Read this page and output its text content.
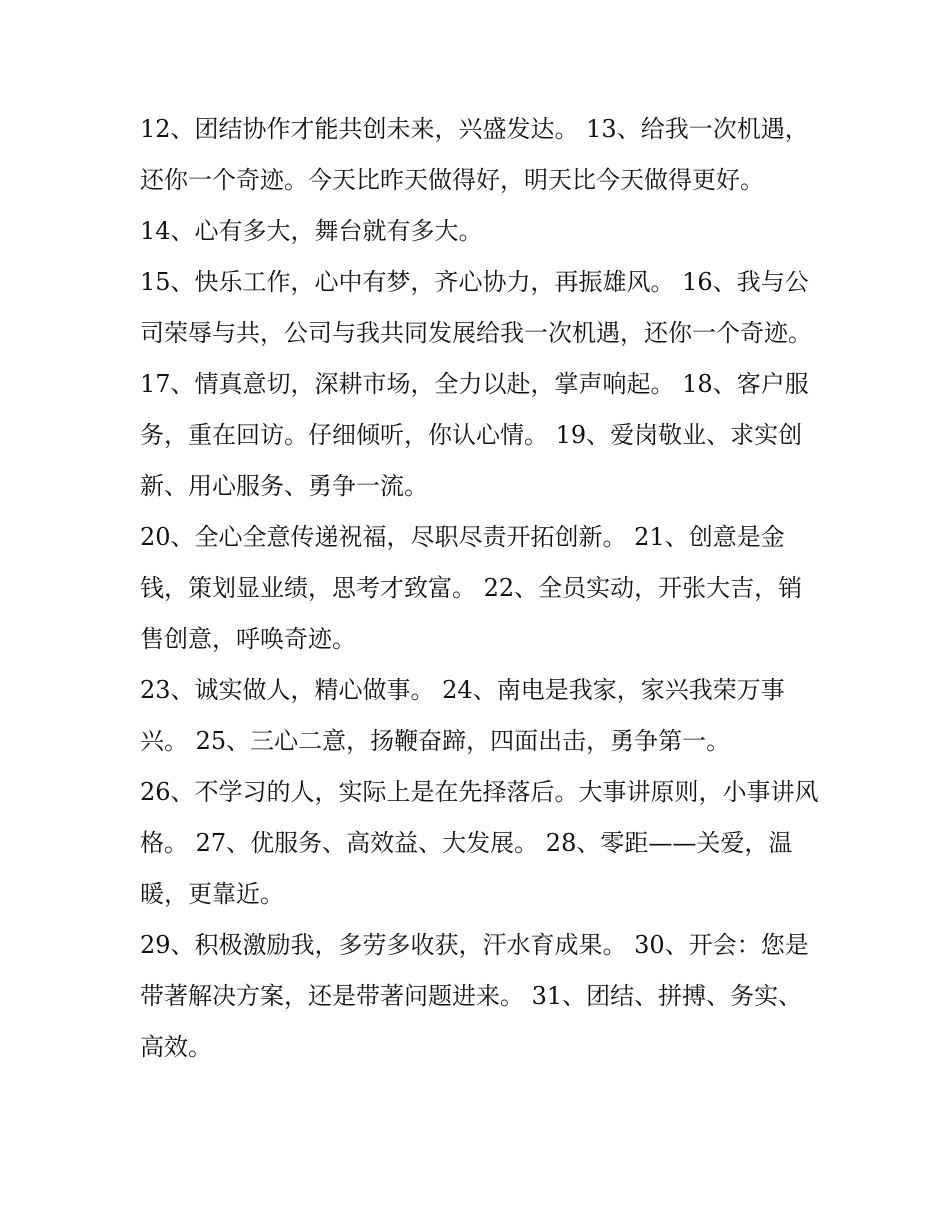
12、团结协作才能共创未来，兴盛发达。 13、给我一次机遇，还你一个奇迹。今天比昨天做得好，明天比今天做得更好。

14、心有多大，舞台就有多大。

15、快乐工作，心中有梦，齐心协力，再振雄风。 16、我与公司荣辱与共，公司与我共同发展给我一次机遇，还你一个奇迹。

17、情真意切，深耕市场，全力以赴，掌声响起。 18、客户服务，重在回访。仔细倾听，你认心情。 19、爱岗敬业、求实创新、用心服务、勇争一流。

20、全心全意传递祝福，尽职尽责开拓创新。 21、创意是金钱，策划显业绩，思考才致富。 22、全员实动，开张大吉，销售创意，呼唤奇迹。

23、诚实做人，精心做事。 24、南电是我家，家兴我荣万事兴。 25、三心二意，扬鞭奋蹄，四面出击，勇争第一。

26、不学习的人，实际上是在先择落后。大事讲原则，小事讲风格。 27、优服务、高效益、大发展。 28、零距——关爱，温暖，更靠近。

29、积极激励我，多劳多收获，汗水育成果。 30、开会：您是带著解决方案，还是带著问题进来。 31、团结、拼搏、务实、高效。
